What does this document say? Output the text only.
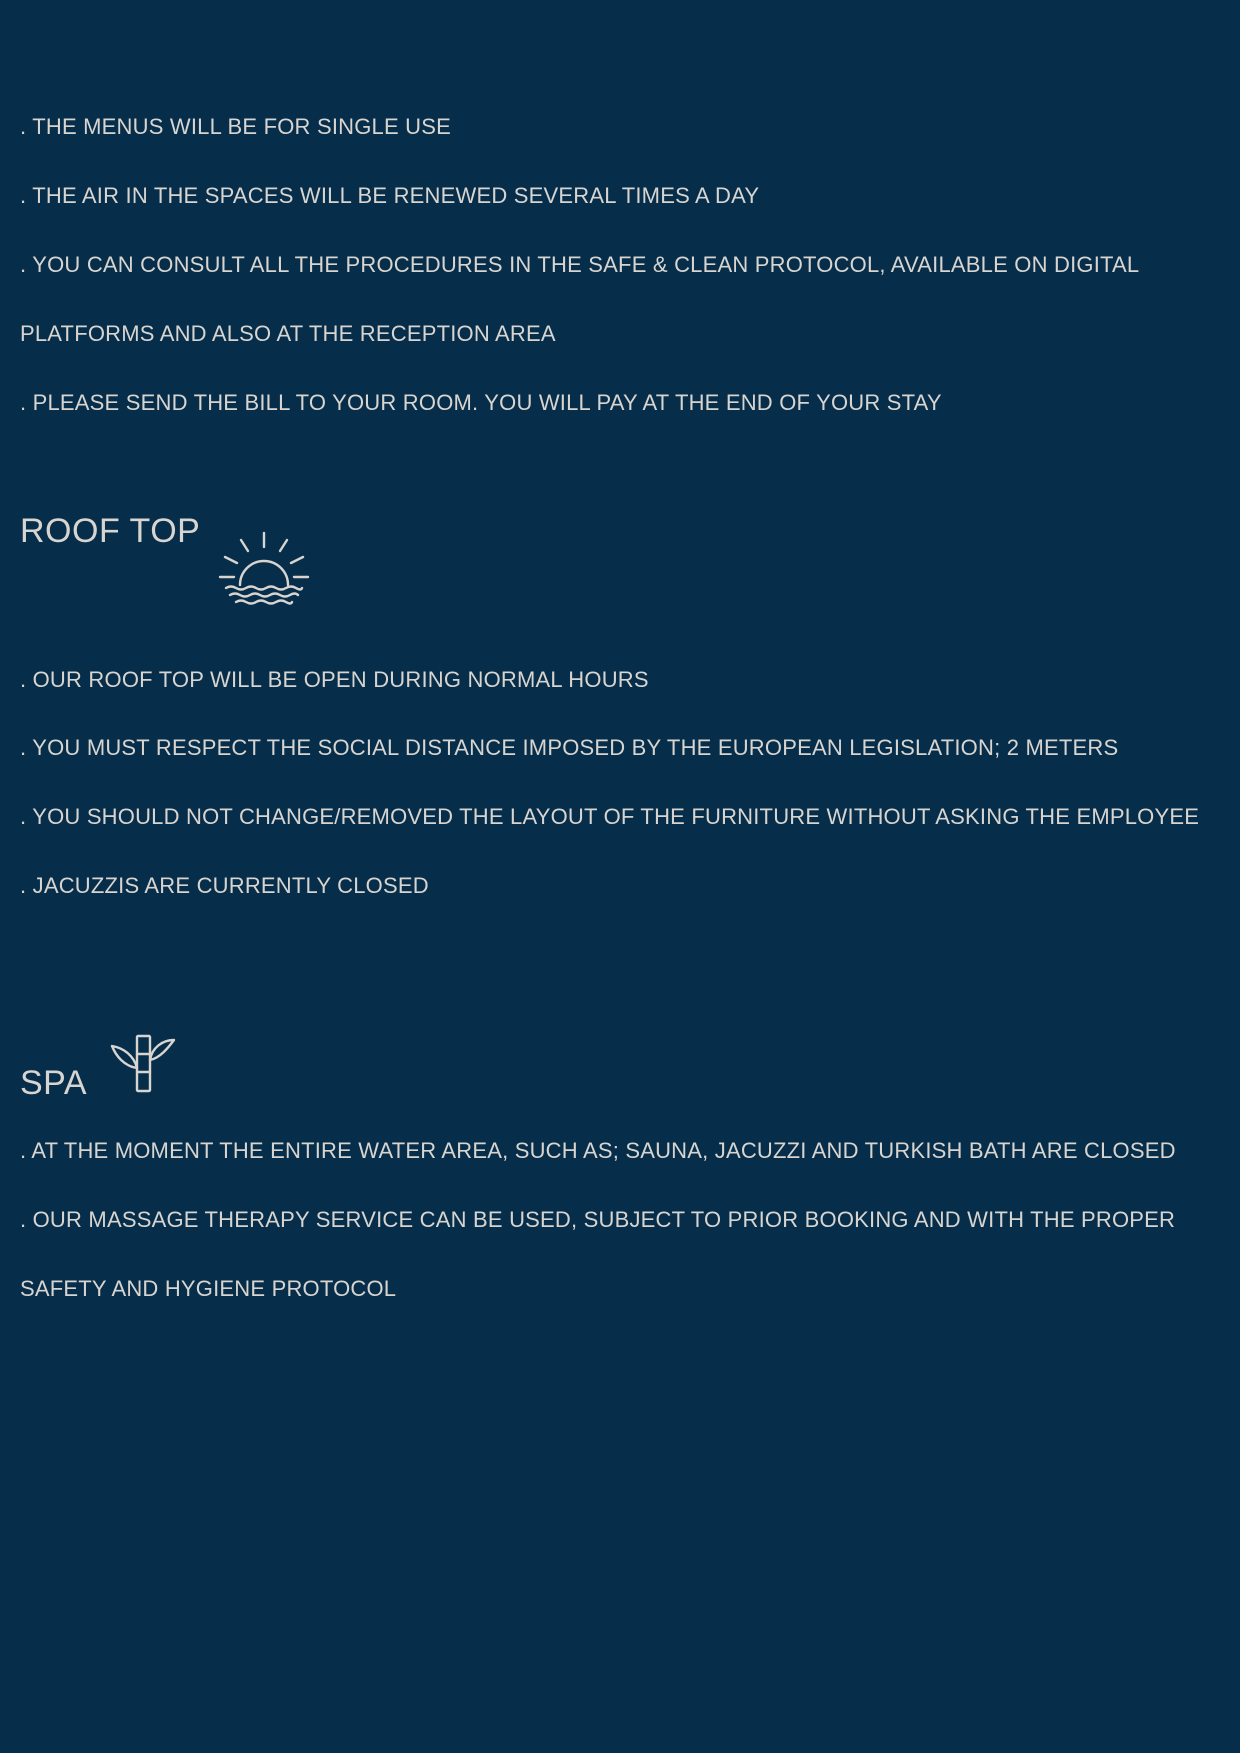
. THE MENUS WILL BE FOR SINGLE USE
. THE AIR IN THE SPACES WILL BE RENEWED SEVERAL TIMES A DAY
. YOU CAN CONSULT ALL THE PROCEDURES IN THE SAFE & CLEAN PROTOCOL, AVAILABLE ON DIGITAL
PLATFORMS AND ALSO AT THE RECEPTION AREA
. PLEASE SEND THE BILL TO YOUR ROOM. YOU WILL PAY AT THE END OF YOUR STAY
ROOF TOP
. OUR ROOF TOP WILL BE OPEN DURING NORMAL HOURS
. YOU MUST RESPECT THE SOCIAL DISTANCE IMPOSED BY THE EUROPEAN LEGISLATION; 2 METERS
. YOU SHOULD NOT CHANGE/REMOVED THE LAYOUT OF THE FURNITURE WITHOUT ASKING THE EMPLOYEE
. JACUZZIS ARE CURRENTLY CLOSED
SPA
. AT THE MOMENT THE ENTIRE WATER AREA, SUCH AS; SAUNA, JACUZZI AND TURKISH BATH ARE CLOSED
. OUR MASSAGE THERAPY SERVICE CAN BE USED, SUBJECT TO PRIOR BOOKING AND WITH THE PROPER
SAFETY AND HYGIENE PROTOCOL
